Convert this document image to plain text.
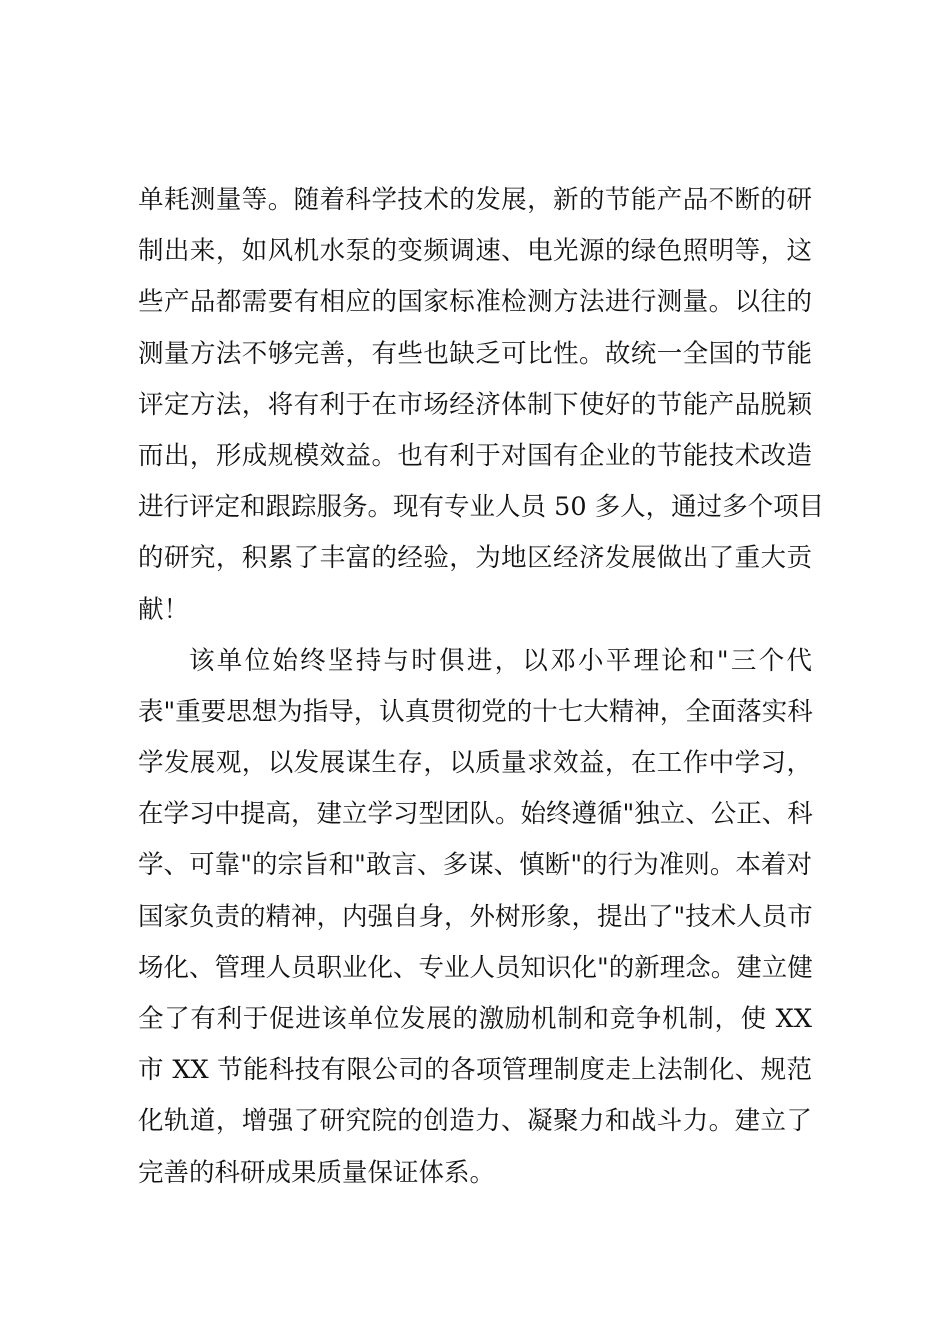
单耗测量等。随着科学技术的发展，新的节能产品不断的研
制出来，如风机水泵的变频调速、电光源的绿色照明等，这
些产品都需要有相应的国家标准检测方法进行测量。以往的
测量方法不够完善，有些也缺乏可比性。故统一全国的节能
评定方法，将有利于在市场经济体制下使好的节能产品脱颖
而出，形成规模效益。也有利于对国有企业的节能技术改造
进行评定和跟踪服务。现有专业人员 50 多人，通过多个项目
的研究，积累了丰富的经验，为地区经济发展做出了重大贡
献！
该单位始终坚持与时俱进，以邓小平理论和"三个代
表"重要思想为指导，认真贯彻党的十七大精神，全面落实科
学发展观，以发展谋生存，以质量求效益，在工作中学习，
在学习中提高，建立学习型团队。始终遵循"独立、公正、科
学、可靠"的宗旨和"敢言、多谋、慎断"的行为准则。本着对
国家负责的精神，内强自身，外树形象，提出了"技术人员市
场化、管理人员职业化、专业人员知识化"的新理念。建立健
全了有利于促进该单位发展的激励机制和竞争机制，使 XX
市 XX 节能科技有限公司的各项管理制度走上法制化、规范
化轨道，增强了研究院的创造力、凝聚力和战斗力。建立了
完善的科研成果质量保证体系。
